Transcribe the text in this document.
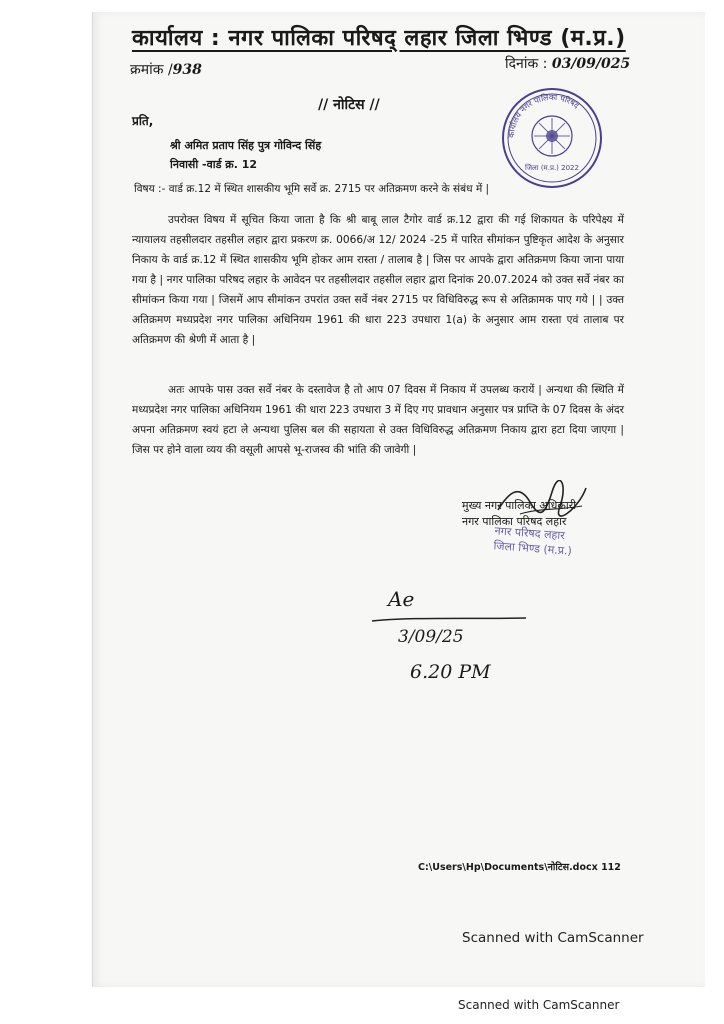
कार्यालय : नगर पालिका परिषद् लहार जिला भिण्ड (म.प्र.)
क्रमांक /938	दिनांक : 03/09/025
// नोटिस //
कार्यालय नगर पालिका परिषद
जिला (म.प्र.) 2022
प्रति,
श्री अमित प्रताप सिंह पुत्र गोविन्द सिंह
निवासी -वार्ड क्र. 12
विषय :- वार्ड क्र.12 में स्थित शासकीय भूमि सर्वे क्र. 2715 पर अतिक्रमण करने के संबंध में |
उपरोक्त विषय में सूचित किया जाता है कि श्री बाबू लाल टैगोर वार्ड क्र.12 द्वारा की गई शिकायत के परिपेक्ष्य में न्यायालय तहसीलदार तहसील लहार द्वारा प्रकरण क्र. 0066/अ 12/ 2024 -25 में पारित सीमांकन पुष्टिकृत आदेश के अनुसार निकाय के वार्ड क्र.12 में स्थित शासकीय भूमि होकर आम रास्ता / तालाब है | जिस पर आपके द्वारा अतिक्रमण किया जाना पाया गया है | नगर पालिका परिषद लहार के आवेदन पर तहसीलदार तहसील लहार द्वारा दिनांक 20.07.2024 को उक्त सर्वे नंबर का सीमांकन किया गया | जिसमें आप सीमांकन उपरांत उक्त सर्वे नंबर 2715 पर विधिविरुद्ध रूप से अतिक्रामक पाए गये | | उक्त अतिक्रमण मध्यप्रदेश नगर पालिका अधिनियम 1961 की धारा 223 उपधारा 1(a) के अनुसार आम रास्ता एवं तालाब पर अतिक्रमण की श्रेणी में आता है |
अतः आपके पास उक्त सर्वे नंबर के दस्तावेज है तो आप 07 दिवस में निकाय में उपलब्ध करायें | अन्यथा की स्थिति में मध्यप्रदेश नगर पालिका अधिनियम 1961 की धारा 223 उपधारा 3 में दिए गए प्रावधान अनुसार पत्र प्राप्ति के 07 दिवस के अंदर अपना अतिक्रमण स्वयं हटा ले अन्यथा पुलिस बल की सहायता से उक्त विधिविरुद्ध अतिक्रमण निकाय द्वारा हटा दिया जाएगा | जिस पर होने वाला व्यय की वसूली आपसे भू-राजस्व की भांति की जावेगी |
मुख्य नगर पालिका अधिकारी
नगर पालिका परिषद लहार
नगर परिषद लहार
जिला भिण्ड (म.प्र.)
Ae
3/09/25
6.20 PM
C:\Users\Hp\Documents\नोटिस.docx 112
Scanned with CamScanner
Scanned with CamScanner
